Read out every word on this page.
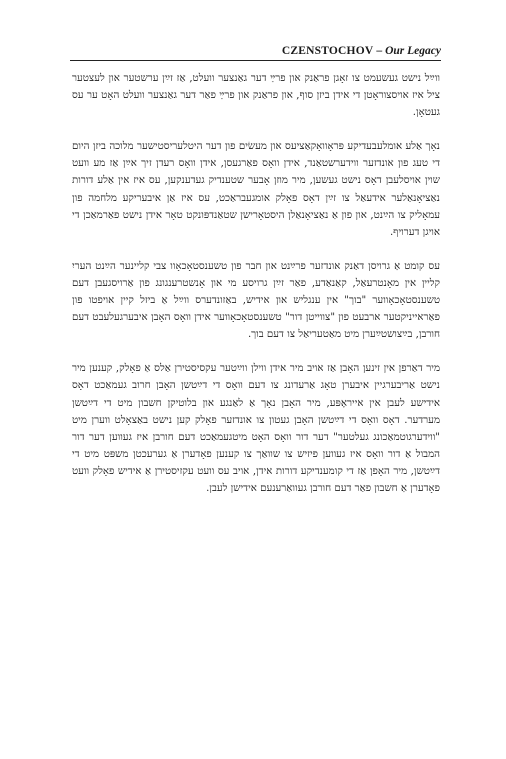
CZENSTOCHOV – Our Legacy

ווײַל נישט געשעמט צו זאָגן פראַנק און פרײַ דער גאַנצער וועלט, אַז זײַן ערשטער און לעצטער ציל איז אויסצוראָטן די אידן ביזן סוף, און פראַנק און פרײַ פאַר דער גאַנצער וועלט האָט ער עס געטאָן.

נאָך אַלע אומלעבעדיקע פּראָוואָקאַציעס און מעשׂים פון דער היטלעריסטישער מלוכה ביזן היום די טעג פון אונדזער ווידערשטאַנד, אידן וואָס פאַרגעסן, אידן וואָס רעדן זיך אײַן אַז מע וועט שוין אויסלעבן דאָס נישט געשען, מיר מוזן אָבער שטענדיק געדענקען, עס איז אין אַלע דורות נאַציאָנאַלער אידעאַל צו זײַן דאָס פאָלק אומגעבראַכט, עס איז אַן איבעריקע מלחמה פון עמאָליק צו הײַנט, און פון אַ נאַציאָנאַלן היסטאָרישן שטאַנדפּונקט טאָר אידן נישט פאַרמאַכן די אויגן דערויף.

עס קומט אַ גרויסן דאַנק אונדזער פרײַנט און חבר פון טשענסטאָכאָוו צבי קליינער הײַנט העריִ קליין אין מאָנטרעאַל, קאַנאַדע, פאַר זײַן גרויסע מי און אָנשטרענגונג פון אַרויסגעבן דעם טשענסטאָכאָווער "בוך" אין ענגליש און אידיש, באַזונדערס ווײַל אַ ביזל קיין אויפטו פון פאַראייניקטער ארבעט פון "צווייטן דור" טשענסטאָכאָווער אידן וואָס האָבן איבערגעלעבט דעם חורבן, בײַצושטײַערן מיט מאַטעריאַל צו דעם בוך.

מיר דאַרפן אין זינען האָבן אַז אויב מיר אידן ווילן ווײַטער עקסיסטירן אַלס אַ פאָלק, קענען מיר נישט אַריבערגיין איבערן טאָג אַרעדונג צו דעם וואָס די דײַטשן האָבן חרוב געמאַכט דאָס אידישע לעבן אין אייראָפּע, מיר האָבן נאָך אַ לאַנגע און בלוטיקן חשבון מיט די דײַטשן מערדער. דאָס וואָס די דײַטשן האָבן געטון צו אונדזער פאָלק קען נישט באַצאָלט ווערן מיט "ווידערגוטמאַכונג געלטער" דער דור וואָס האָט מיטגעמאַכט דעם חורבן איז געווען דער דור המבול אַ דור וואָס איז געווען פיזיש צו שוואַך צו קענען פאָדערן אַ גערעכטן משפּט מיט די דײַטשן, מיר האָפן אַז די קומענדיקע דורות אידן, אויב עס וועט עקזיסטירן אַ אידיש פאָלק וועט פאָדערן אַ חשבון פאַר דעם חורבן געוואַרענעם אידישן לעבן.
